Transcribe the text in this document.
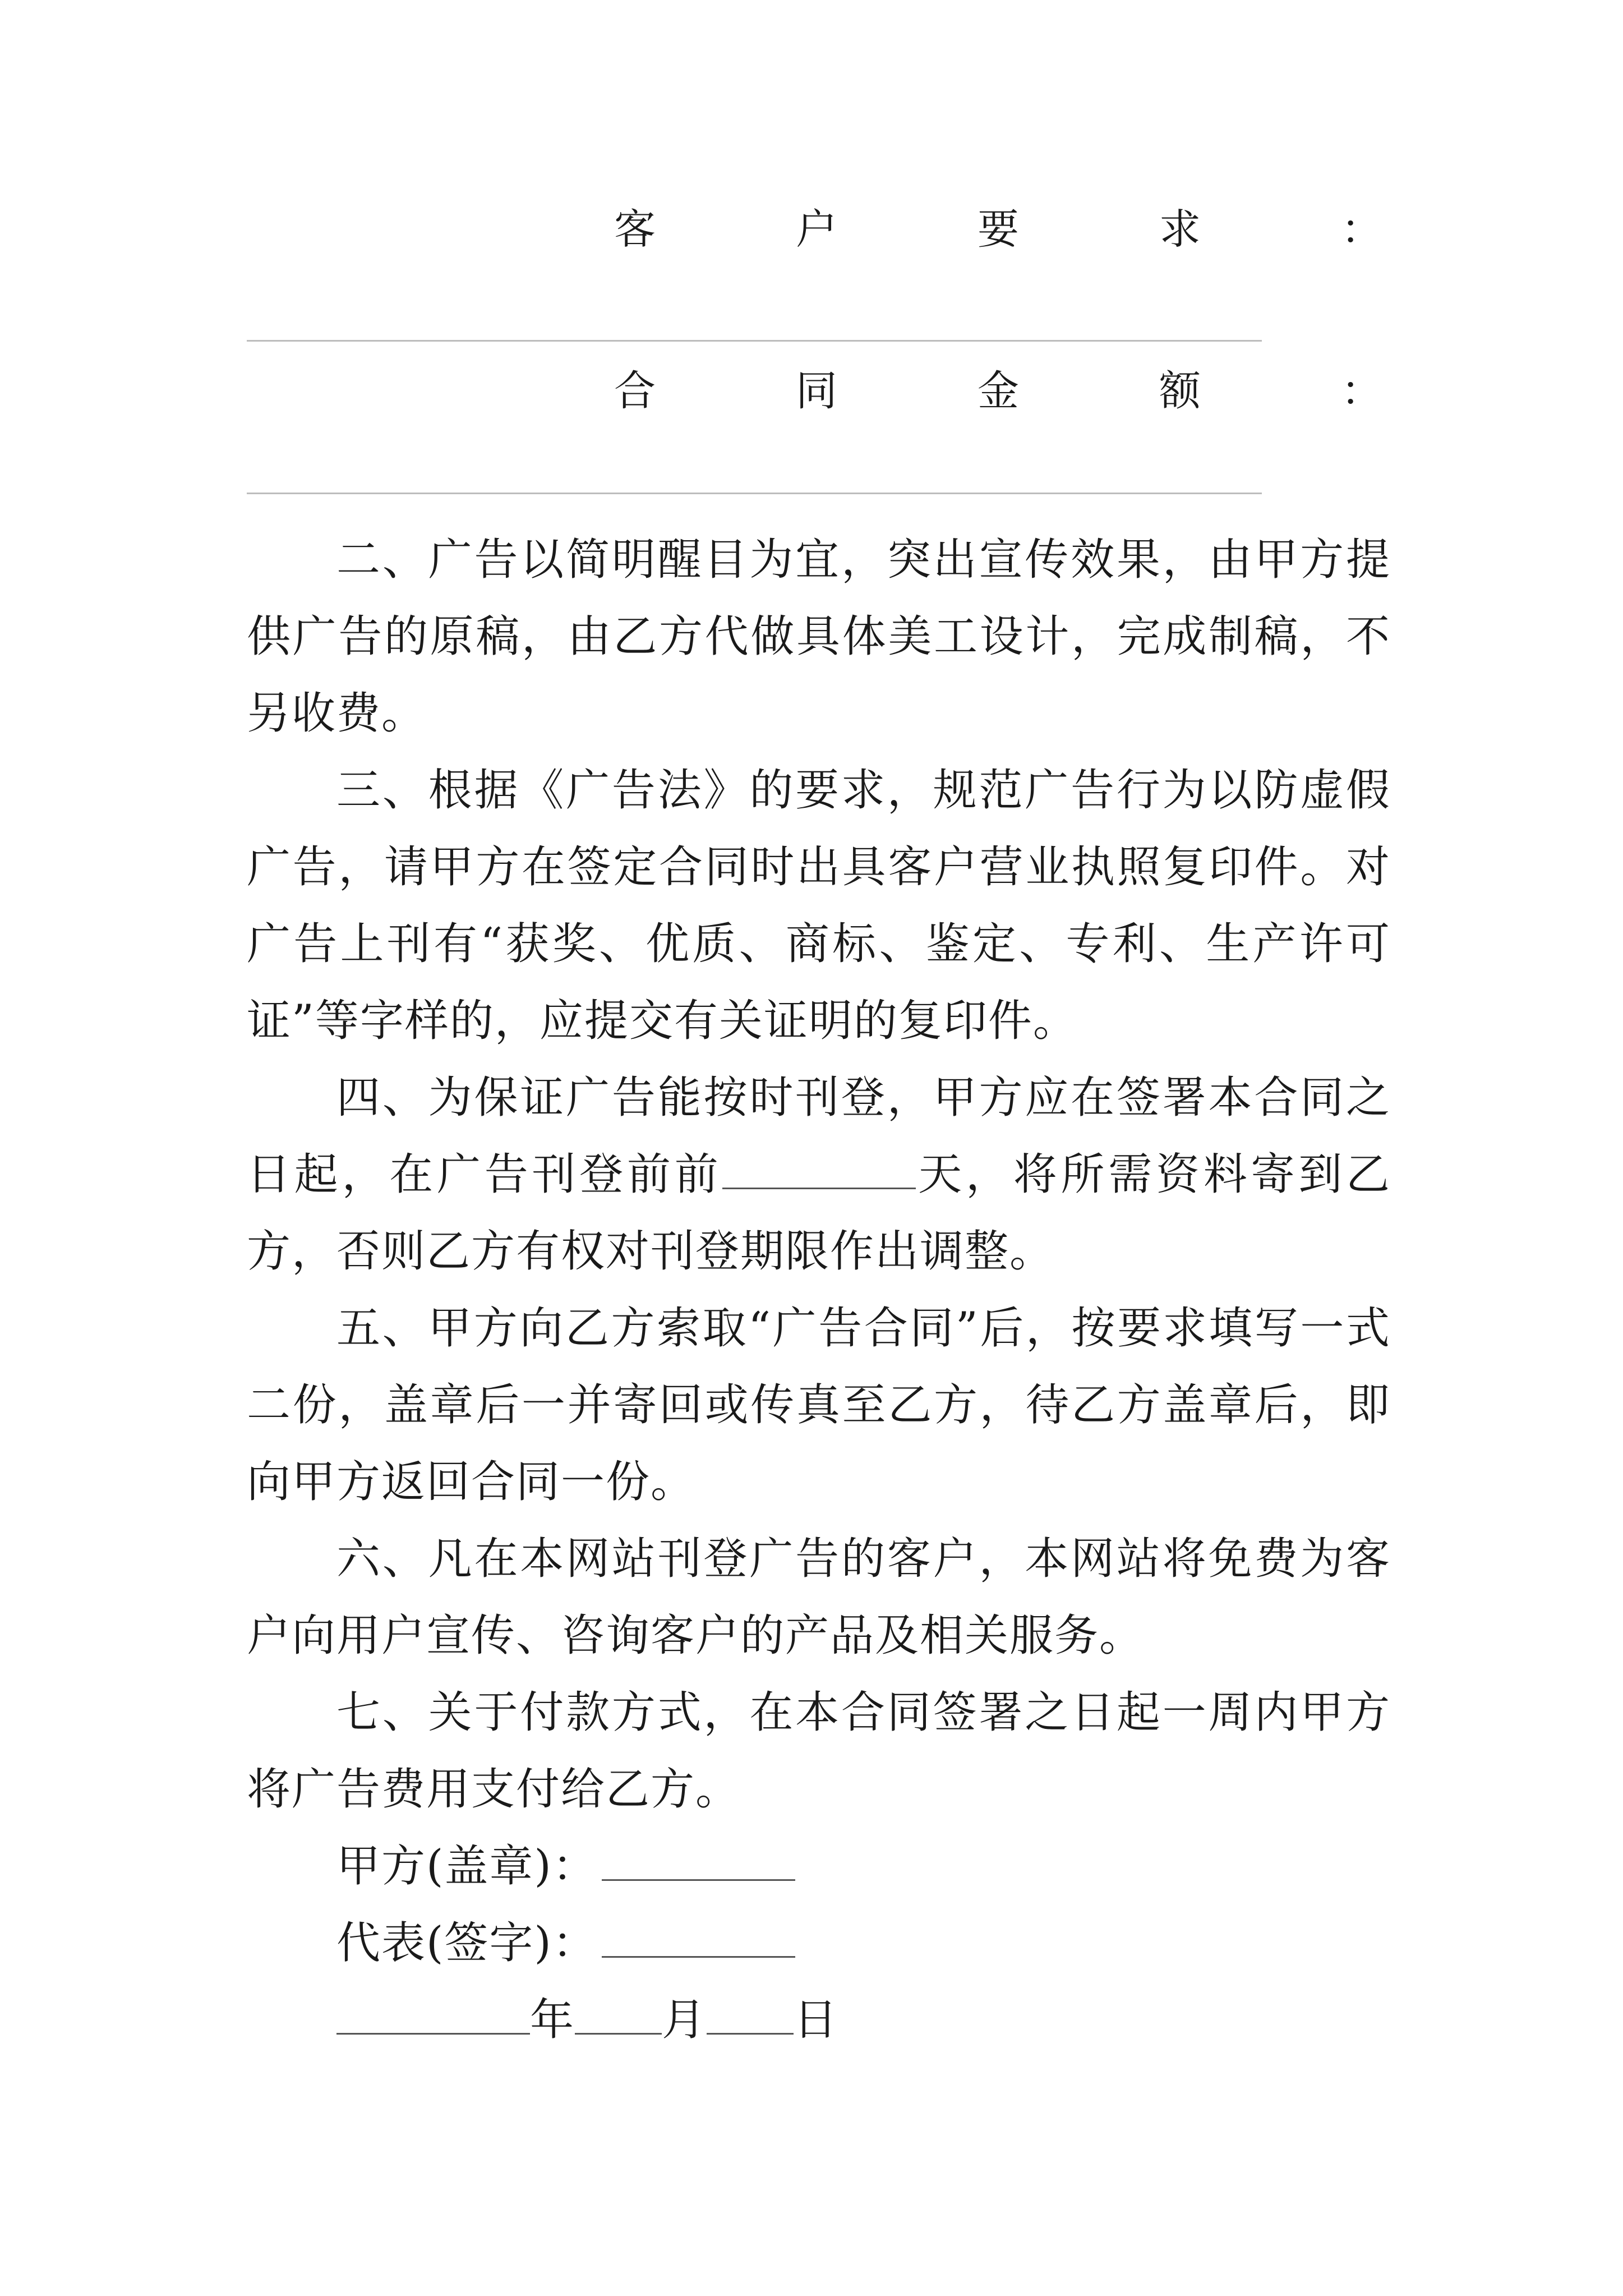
客	户	要	求	：
合	同	金	额	：

二、广告以简明醒目为宜，突出宣传效果，由甲方提供广告的原稿，由乙方代做具体美工设计，完成制稿，不另收费。

三、根据《广告法》的要求，规范广告行为以防虚假广告，请甲方在签定合同时出具客户营业执照复印件。对广告上刊有“获奖、优质、商标、鉴定、专利、生产许可证”等字样的，应提交有关证明的复印件。

四、为保证广告能按时刊登，甲方应在签署本合同之日起，在广告刊登前前	天，将所需资料寄到乙方，否则乙方有权对刊登期限作出调整。

五、甲方向乙方索取“广告合同”后，按要求填写一式二份，盖章后一并寄回或传真至乙方，待乙方盖章后，即向甲方返回合同一份。

六、凡在本网站刊登广告的客户，本网站将免费为客户向用户宣传、咨询客户的产品及相关服务。

七、关于付款方式，在本合同签署之日起一周内甲方将广告费用支付给乙方。

甲方(盖章)：

代表(签字)：

年 月 日
